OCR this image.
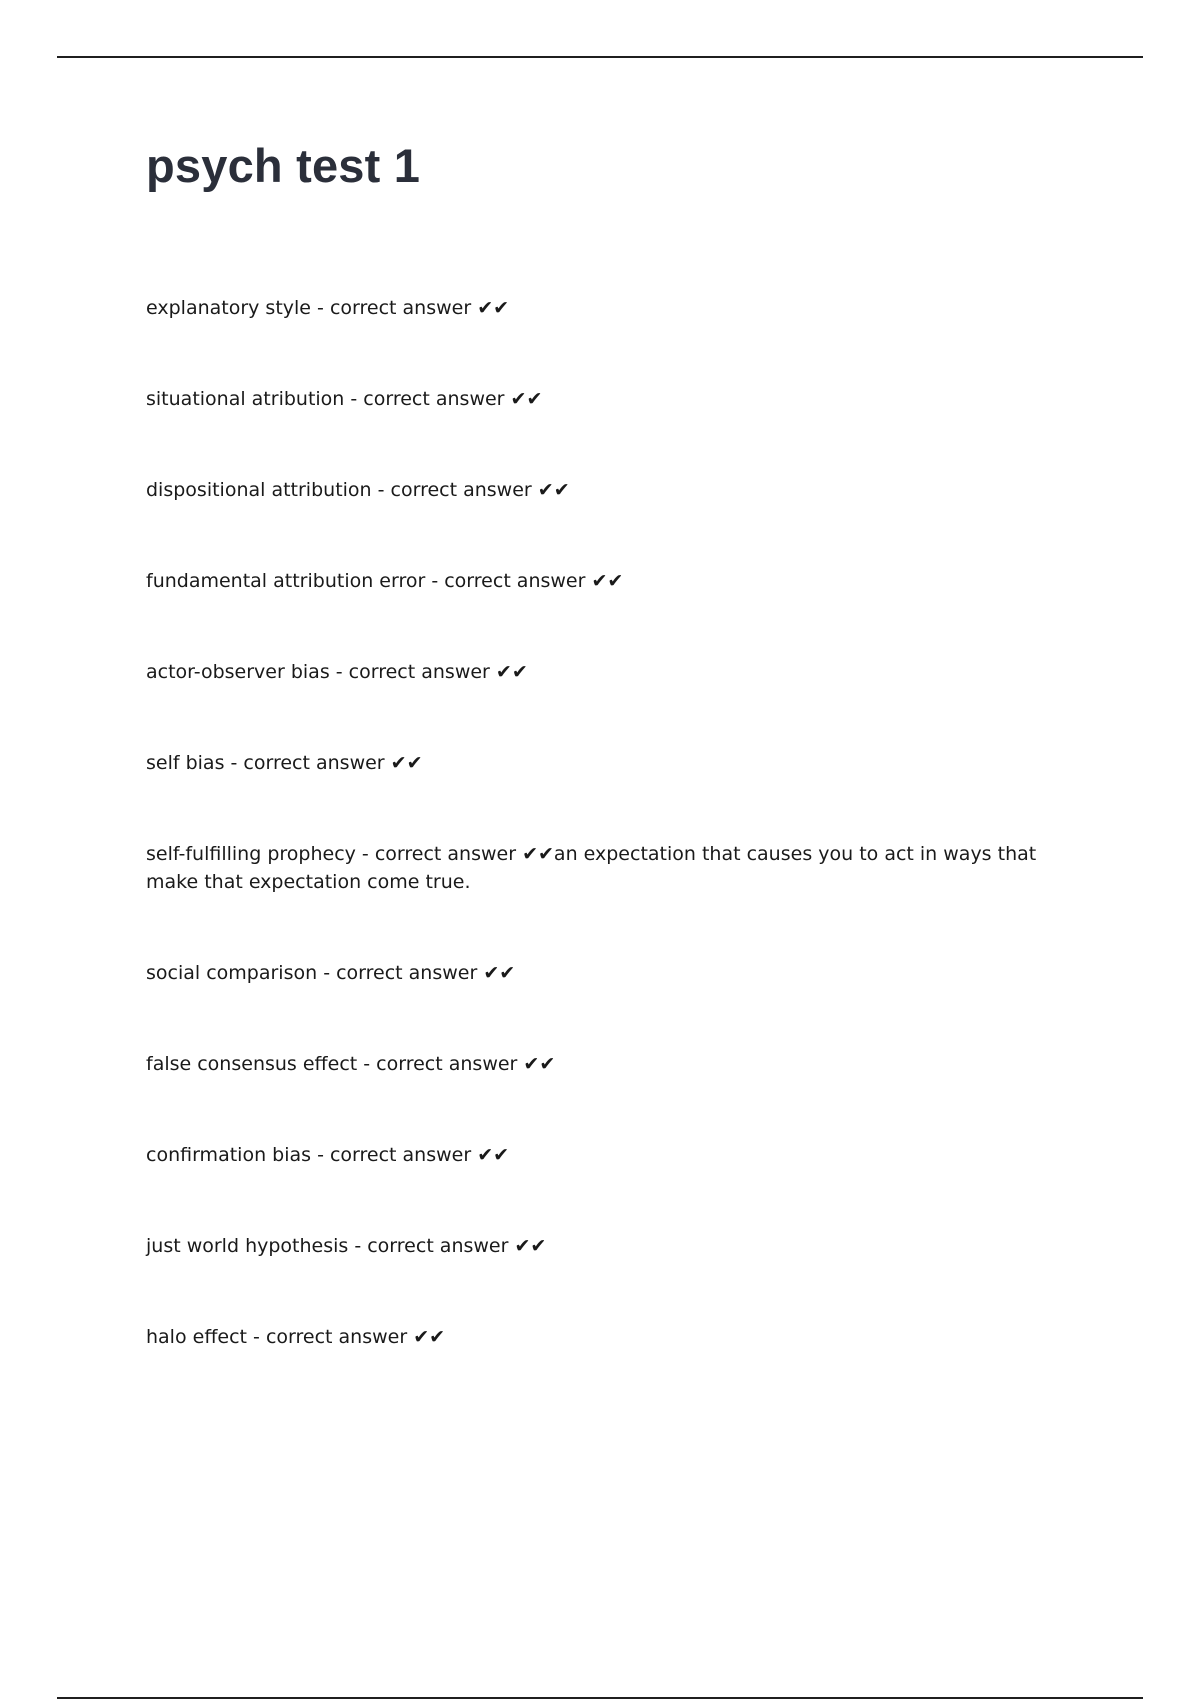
psych test 1
explanatory style - correct answer ✔✔
situational atribution - correct answer ✔✔
dispositional attribution - correct answer ✔✔
fundamental attribution error - correct answer ✔✔
actor-observer bias - correct answer ✔✔
self bias - correct answer ✔✔
self-fulfilling prophecy - correct answer ✔✔an expectation that causes you to act in ways that make that expectation come true.
social comparison - correct answer ✔✔
false consensus effect - correct answer ✔✔
confirmation bias - correct answer ✔✔
just world hypothesis - correct answer ✔✔
halo effect - correct answer ✔✔
